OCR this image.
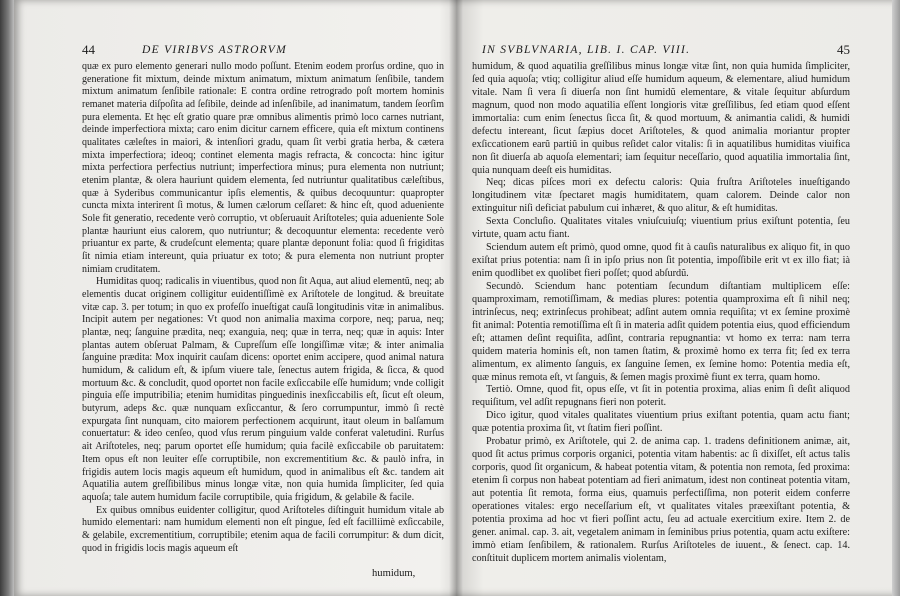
44	DE VIRIBVS ASTRORVM	IN SVBLVNARIA, LIB. I. CAP. VIII.	45

quæ ex puro elemento generari nullo modo poſſunt. Etenim eodem prorſus ordine, quo in generatione fit mixtum, deinde mixtum animatum, mixtum animatum ſenſibile, tandem mixtum animatum ſenſibile rationale: E contra ordine retrogrado poſt mortem hominis remanet materia diſpoſita ad ſeſibile, deinde ad inſenſibile, ad inanimatum, tandem ſeorſim pura elementa. Et hęc eſt gratio quare præ omnibus alimentis primò loco carnes nutriant, deinde imperfectiora mixta; caro enim dicitur carnem efficere, quia eſt mixtum continens qualitates cæleſtes in maiori, & intenſiori gradu, quam ſit verbi gratia herba, & cætera mixta imperfectiora; ideoq; continet elementa magis refracta, & concocta: hinc igitur mixta perfectiora perfectius nutriunt; imperfectiora minus; pura elementa non nutriunt; etenim plantæ, & olera hauriunt quidem elementa, ſed nutriuntur qualitatibus cæleſtibus, quæ à Syderibus communicantur ipſis elementis, & quibus decoquuntur: quapropter cuncta mixta interirent ſi motus, & lumen cælorum ceſſaret: & hinc eſt, quod adueniente Sole fit generatio, recedente verò corruptio, vt obſeruauit Ariſtoteles; quia adueniente Sole plantæ hauriunt eius calorem, quo nutriuntur; & decoquuntur elementa: recedente verò priuantur ex parte, & crudeſcunt elementa; quare plantæ deponunt folia: quod ſi frigiditas ſit nimia etiam intereunt, quia priuatur ex toto; & pura elementa non nutriunt propter nimiam cruditatem.

Humiditas quoq; radicalis in viuentibus, quod non ſit Aqua, aut aliud elementũ, neq; ab elementis ducat originem colligitur euidentiſſimè ex Ariſtotele de longitud. & breuitate vitæ cap. 3. per totum; in quo ex profeſſo inueſtigat cauſã longitudinis vitæ in animalibus. Incipit autem per negationes: Vt quod non animalia maxima corpore, neq; parua, neq; plantæ, neq; ſanguine prædita, neq; exanguia, neq; quæ in terra, neq; quæ in aquis: Inter plantas autem obſeruat Palmam, & Cupreſſum eſſe longiſſimæ vitæ; & inter animalia ſanguine prædita: Mox inquirit cauſam dicens: oportet enim accipere, quod animal natura humidum, & calidum eſt, & ipſum viuere tale, ſenectus autem frigida, & ſicca, & quod mortuum &c. & concludit, quod oportet non facile exſiccabile eſſe humidum; vnde colligit pinguia eſſe imputribilia; etenim humiditas pinguedinis inexſiccabilis eſt, ſicut eſt oleum, butyrum, adeps &c. quæ nunquam exſiccantur, & ſero corrumpuntur, immò ſi rectè expurgata ſint nunquam, cito maiorem perfectionem acquirunt, itaut oleum in balſamum conuertatur: & ideo cenſeo, quod vſus rerum pinguium valde conferat valetudini. Rurſus ait Ariſtoteles, neq; parum oportet eſſe humidum; quia facilè exſiccabile ob paruitatem: Item opus eſt non leuiter eſſe corruptibile, non excrementitium &c. & paulò infra, in frigidis autem locis magis aqueum eſt humidum, quod in animalibus eſt &c. tandem ait Aquatilia autem greſſibilibus minus longæ vitæ, non quia humida ſimpliciter, ſed quia aquoſa; tale autem humidum facile corruptibile, quia frigidum, & gelabile & facile.

Ex quibus omnibus euidenter colligitur, quod Ariſtoteles diſtinguit humidum vitale ab humido elementari: nam humidum elementi non eſt pingue, ſed eſt facilliimè exſiccabile, & gelabile, excrementitium, corruptibile; etenim aqua de facili corrumpitur: & dum dicit, quod in frigidis locis magis aqueum eſt

humidum,

humidum, & quod aquatilia greſſilibus minus longæ vitæ ſint, non quia humida ſimpliciter, ſed quia aquoſa; vtiq; colligitur aliud eſſe humidum aqueum, & elementare, aliud humidum vitale. Nam ſi vera ſi diuerſa non ſint humidũ elementare, & vitale ſequitur abſurdum magnum, quod non modo aquatilia eſſent longioris vitæ greſſilibus, ſed etiam quod eſſent immortalia: cum enim ſenectus ſicca ſit, & quod mortuum, & animantia calidi, & humidi defectu intereant, ſicut ſæpius docet Ariſtoteles, & quod animalia moriantur propter exſiccationem earũ partiũ in quibus reſidet calor vitalis: ſi in aquatilibus humiditas viuifica non ſit diuerſa ab aquoſa elementari; iam ſequitur neceſſario, quod aquatilia immortalia ſint, quia nunquam deeſt eis humiditas.

Neq; dicas piſces mori ex defectu caloris: Quia fruſtra Ariſtoteles inueſtigando longitudinem vitæ ſpectaret magis humiditatem, quam calorem. Deinde calor non extinguitur niſi deficiat pabulum cui inhæret, & quo alitur, & eſt humiditas.

Sexta Concluſio. Qualitates vitales vniuſcuiuſq; viuentium prius exiſtunt potentia, ſeu virtute, quam actu fiant.

Sciendum autem eſt primò, quod omne, quod fit à cauſis naturalibus ex aliquo fit, in quo exiſtat prius potentia: nam ſi in ipſo prius non ſit potentia, impoſſibile erit vt ex illo fiat; ià enim quodlibet ex quolibet fieri poſſet; quod abſurdũ.

Secundò. Sciendum hanc potentiam ſecundum diſtantiam multiplicem eſſe: quamproximam, remotiſſimam, & medias plures: potentia quamproxima eſt ſi nihil neq; intrinſecus, neq; extrinſecus prohibeat; adſint autem omnia requiſita; vt ex ſemine proximè fit animal: Potentia remotiſſima eſt ſi in materia adſit quidem potentia eius, quod efficiendum eſt; attamen deſint requiſita, adſint, contraria repugnantia: vt homo ex terra: nam terra quidem materia hominis eſt, non tamen ſtatim, & proximè homo ex terra fit; ſed ex terra alimentum, ex alimento ſanguis, ex ſanguine ſemen, ex ſemine homo: Potentia media eſt, quæ minus remota eſt, vt ſanguis, & ſemen magis proximè fiunt ex terra, quam homo.

Tertiò. Omne, quod fit, opus eſſe, vt ſit in potentia proxima, alias enim ſi deſit aliquod requiſitum, vel adſit repugnans fieri non poterit.

Dico igitur, quod vitales qualitates viuentium prius exiſtant potentia, quam actu fiant; quæ potentia proxima ſit, vt ſtatim fieri poſſint.

Probatur primò, ex Ariſtotele, qui 2. de anima cap. 1. tradens definitionem animæ, ait, quod ſit actus primus corporis organici, potentia vitam habentis: ac ſi dixiſſet, eſt actus talis corporis, quod ſit organicum, & habeat potentia vitam, & potentia non remota, ſed proxima: etenim ſi corpus non habeat potentiam ad fieri animatum, idest non contineat potentia vitam, aut potentia ſit remota, forma eius, quamuis perfectiſſima, non poterit eidem conferre operationes vitales: ergo neceſſarium eſt, vt qualitates vitales præexiſtant potentia, & potentia proxima ad hoc vt fieri poſſint actu, ſeu ad actuale exercitium exire. Item 2. de gener. animal. cap. 3. ait, vegetalem animam in ſeminibus prius potentia, quam actu exiſtere: immò etiam ſenſibilem, & rationalem. Rurſus Ariſtoteles de iuuent., & ſenect. cap. 14. conſtituit duplicem mortem animalis violentam,
